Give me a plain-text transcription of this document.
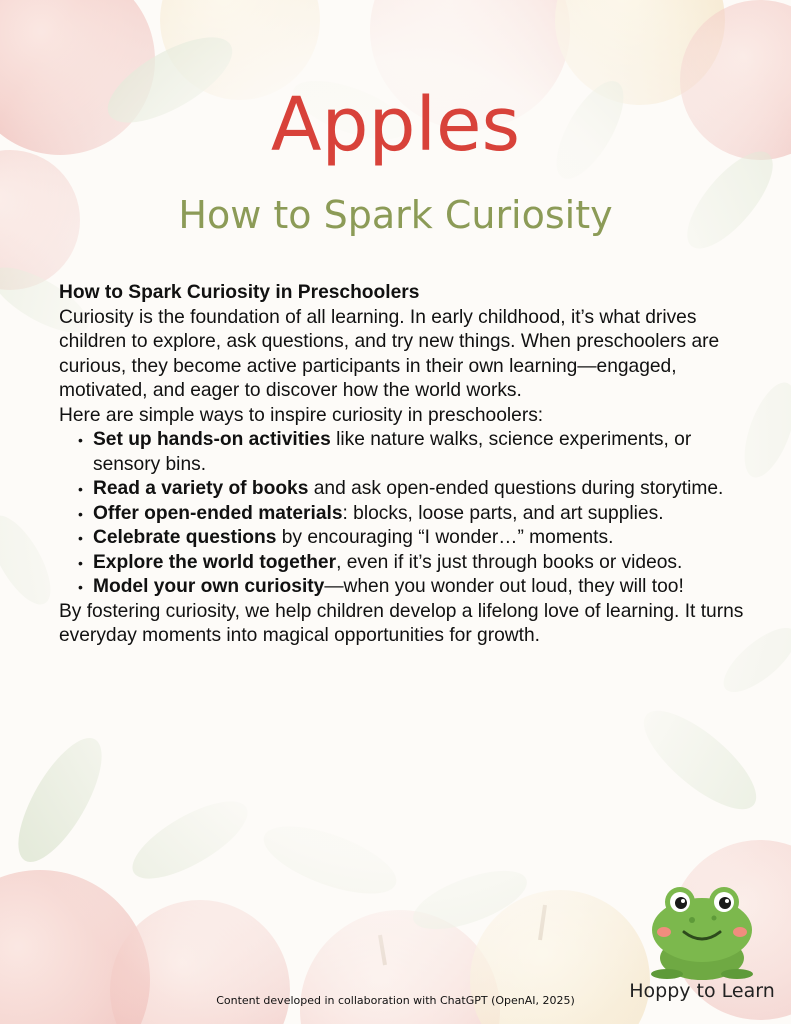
Apples
How to Spark Curiosity

How to Spark Curiosity in Preschoolers

Curiosity is the foundation of all learning. In early childhood, it’s what drives children to explore, ask questions, and try new things. When preschoolers are curious, they become active participants in their own learning—engaged, motivated, and eager to discover how the world works.

Here are simple ways to inspire curiosity in preschoolers:

• Set up hands-on activities like nature walks, science experiments, or sensory bins.
• Read a variety of books and ask open-ended questions during storytime.
• Offer open-ended materials: blocks, loose parts, and art supplies.
• Celebrate questions by encouraging “I wonder…” moments.
• Explore the world together, even if it’s just through books or videos.
• Model your own curiosity—when you wonder out loud, they will too!

By fostering curiosity, we help children develop a lifelong love of learning. It turns everyday moments into magical opportunities for growth.

Content developed in collaboration with ChatGPT (OpenAI, 2025)	Hoppy to Learn
